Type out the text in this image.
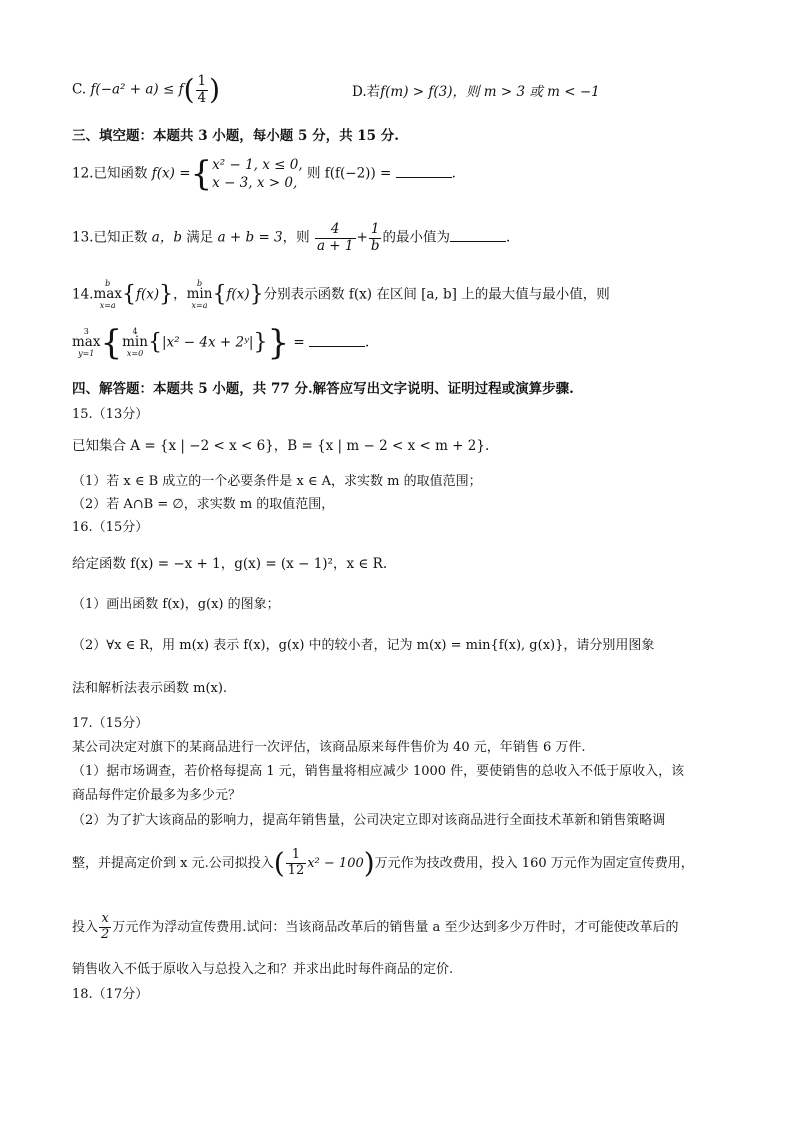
C. $f(-a^2 + a) \le f( \frac{1}{4}$ )	D.若f(m) > f(3)，则 m > 3 或 m < −1
三、填空题：本题共 3 小题，每小题 5 分，共 15 分.
12.已知函数 f(x) ={ x² − 1, x ≤ 0,
x − 3, x > 0,
则 f(f(−2)) =	.
13.已知正数 a，b 满足 a + b = 3，则 $\frac{4}{a + 1} + \frac{1}{b}$ 的最小值为	.
14.
b
max
x=a {f(x)}，
b
min
x=a {f(x)}分别表示函数 f(x) 在区间 [a, b] 上的最大值与最小值，则
3
max
y=1 {	4
min
x=0 {|x² − 4x + 2ʸ|}} =	.
四、解答题：本题共 5 小题，共 77 分.解答应写出文字说明、证明过程或演算步骤.
15.（13分）
已知集合 A = {x | −2 < x < 6}，B = {x | m − 2 < x < m + 2}.
（1）若 x ∈ B 成立的一个必要条件是 x ∈ A，求实数 m 的取值范围；
（2）若 A∩B = ∅，求实数 m 的取值范围，
16.（15分）
给定函数 f(x) = −x + 1，g(x) = (x − 1)²，x ∈ R.
（1）画出函数 f(x)，g(x) 的图象；
（2）∀x ∈ R，用 m(x) 表示 f(x)，g(x) 中的较小者，记为 m(x) = min{f(x), g(x)}，请分别用图象
法和解析法表示函数 m(x).
17.（15分）
某公司决定对旗下的某商品进行一次评估，该商品原来每件售价为 40 元，年销售 6 万件.
（1）据市场调查，若价格每提高 1 元，销售量将相应减少 1000 件，要使销售的总收入不低于原收入，该
商品每件定价最多为多少元？
（2）为了扩大该商品的影响力，提高年销售量，公司决定立即对该商品进行全面技术革新和销售策略调
整，并提高定价到 x 元.公司拟投入( $\frac{1}{12} x^2 - 100$)万元作为技改费用，投入 160 万元作为固定宣传费用，
投入 $\frac{x}{2}$ 万元作为浮动宣传费用.试问：当该商品改革后的销售量 a 至少达到多少万件时，才可能使改革后的
销售收入不低于原收入与总投入之和？并求出此时每件商品的定价.
18.（17分）
